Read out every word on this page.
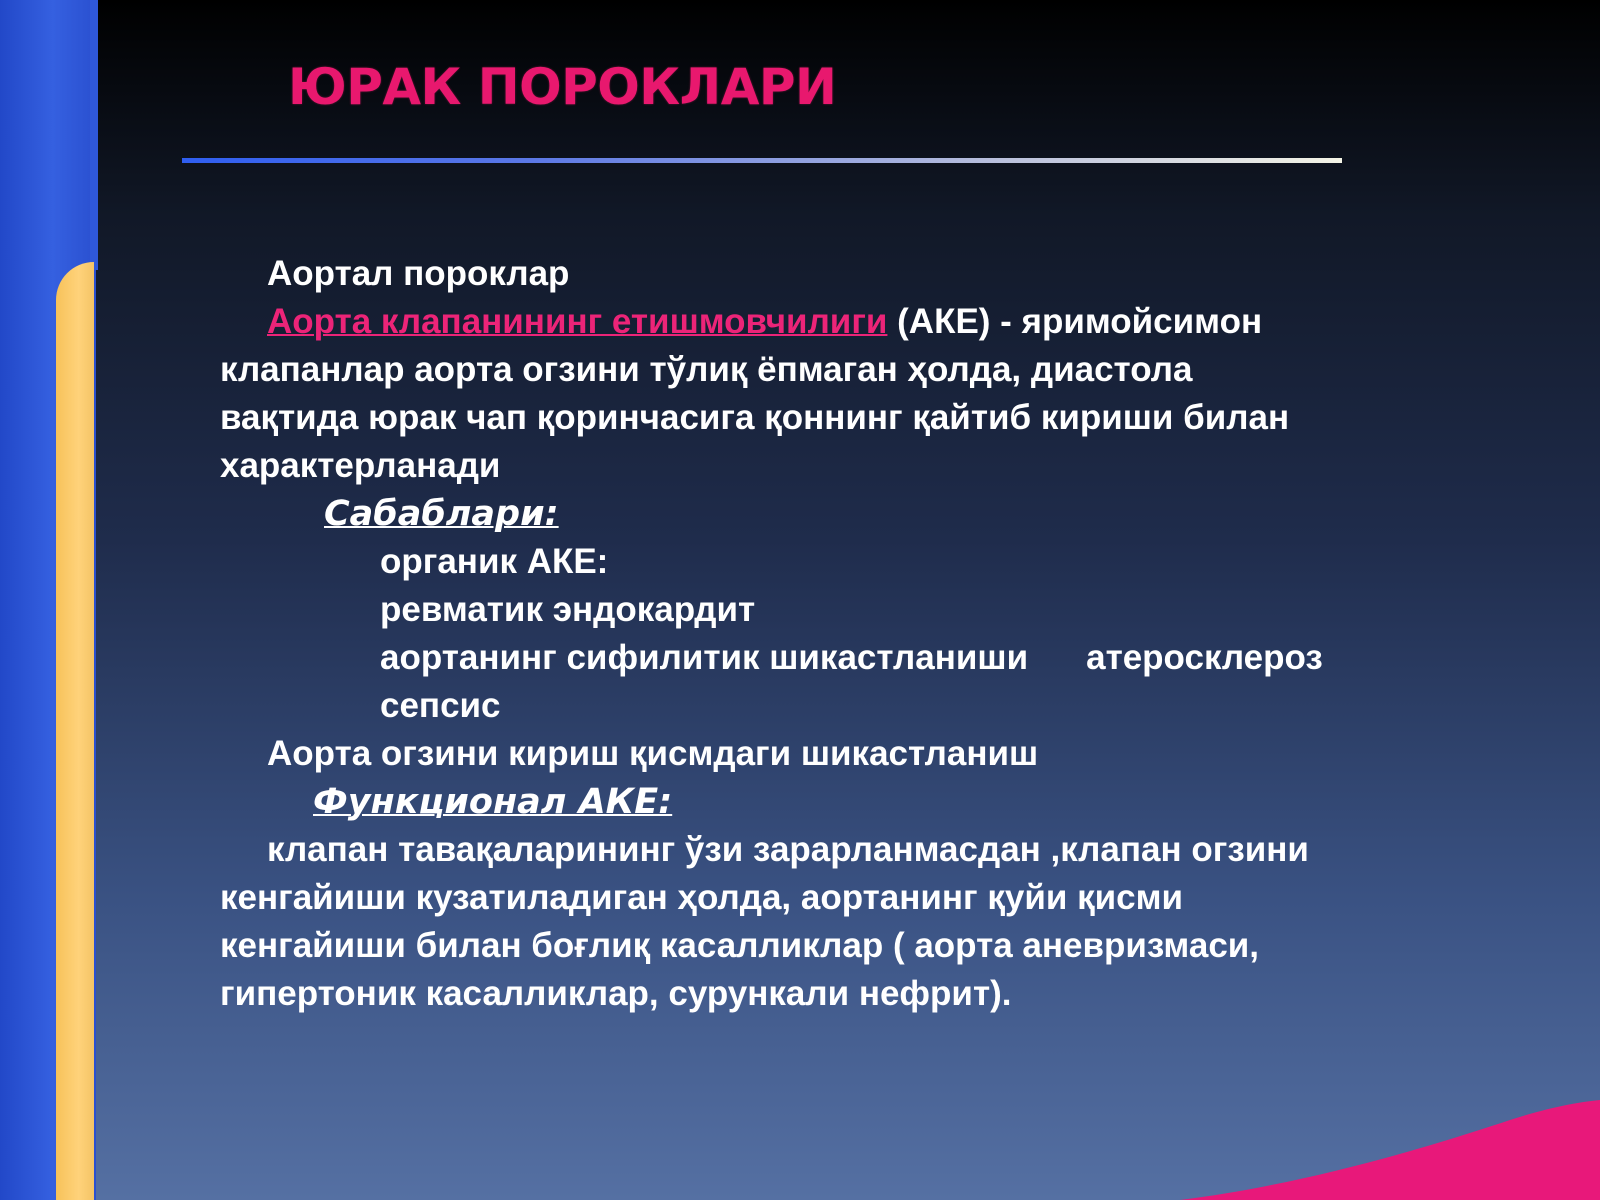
ЮРАК ПОРОКЛАРИ
Аортал пороклар
Аорта клапанининг етишмовчилиги (АКЕ) - яримойсимон
клапанлар аорта огзини тўлиқ ёпмаган ҳолда, диастола
вақтида юрак чап қоринчасига қоннинг қайтиб кириши билан
характерланади
Сабаблари:
органик АКЕ:
ревматик эндокардит
аортанинг сифилитик шикастланиши атеросклероз
сепсис
Аорта огзини кириш қисмдаги шикастланиш
Функционал АКЕ:
клапан тавақаларининг ўзи зарарланмасдан ,клапан огзини
кенгайиши кузатиладиган ҳолда, аортанинг қуйи қисми
кенгайиши билан боғлиқ касалликлар ( аорта аневризмаси,
гипертоник касалликлар, сурункали нефрит).
